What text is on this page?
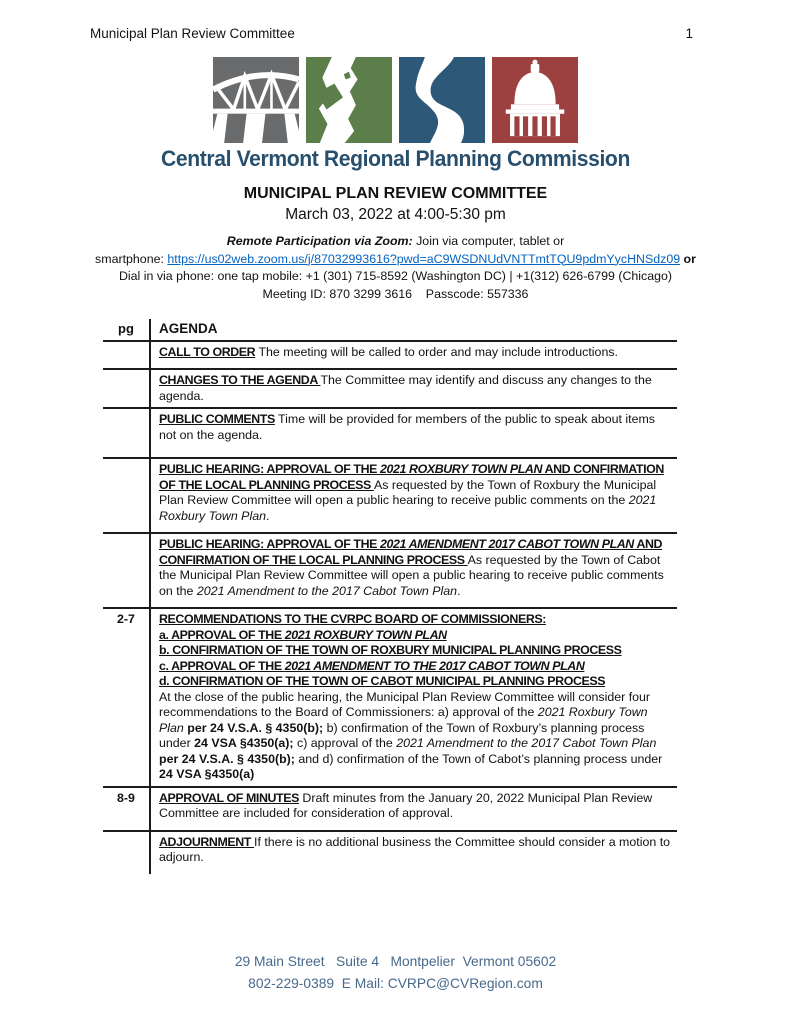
Municipal Plan Review Committee	1
Central Vermont Regional Planning Commission
MUNICIPAL PLAN REVIEW COMMITTEE
March 03, 2022 at 4:00-5:30 pm
Remote Participation via Zoom: Join via computer, tablet or
smartphone: https://us02web.zoom.us/j/87032993616?pwd=aC9WSDNUdVNTTmtTQU9pdmYycHNSdz09 or
Dial in via phone: one tap mobile: +1 (301) 715-8592 (Washington DC) | +1(312) 626-6799 (Chicago)
Meeting ID: 870 3299 3616    Passcode: 557336
pg	AGENDA
	CALL TO ORDER The meeting will be called to order and may include introductions.
	CHANGES TO THE AGENDA The Committee may identify and discuss any changes to the agenda.
	PUBLIC COMMENTS Time will be provided for members of the public to speak about items not on the agenda.
	PUBLIC HEARING: APPROVAL OF THE 2021 ROXBURY TOWN PLAN AND CONFIRMATION OF THE LOCAL PLANNING PROCESS As requested by the Town of Roxbury the Municipal Plan Review Committee will open a public hearing to receive public comments on the 2021 Roxbury Town Plan.
	PUBLIC HEARING: APPROVAL OF THE 2021 AMENDMENT 2017 CABOT TOWN PLAN AND CONFIRMATION OF THE LOCAL PLANNING PROCESS As requested by the Town of Cabot the Municipal Plan Review Committee will open a public hearing to receive public comments on the 2021 Amendment to the 2017 Cabot Town Plan.
2-7	RECOMMENDATIONS TO THE CVRPC BOARD OF COMMISSIONERS:
a. APPROVAL OF THE 2021 ROXBURY TOWN PLAN
b. CONFIRMATION OF THE TOWN OF ROXBURY MUNICIPAL PLANNING PROCESS
c. APPROVAL OF THE 2021 AMENDMENT TO THE 2017 CABOT TOWN PLAN
d. CONFIRMATION OF THE TOWN OF CABOT MUNICIPAL PLANNING PROCESS
At the close of the public hearing, the Municipal Plan Review Committee will consider four recommendations to the Board of Commissioners: a) approval of the 2021 Roxbury Town Plan per 24 V.S.A. § 4350(b); b) confirmation of the Town of Roxbury’s planning process under 24 VSA §4350(a); c) approval of the 2021 Amendment to the 2017 Cabot Town Plan per 24 V.S.A. § 4350(b); and d) confirmation of the Town of Cabot’s planning process under 24 VSA §4350(a)
8-9	APPROVAL OF MINUTES Draft minutes from the January 20, 2022 Municipal Plan Review Committee are included for consideration of approval.
	ADJOURNMENT If there is no additional business the Committee should consider a motion to adjourn.
29 Main Street   Suite 4   Montpelier  Vermont 05602
802-229-0389  E Mail: CVRPC@CVRegion.com
